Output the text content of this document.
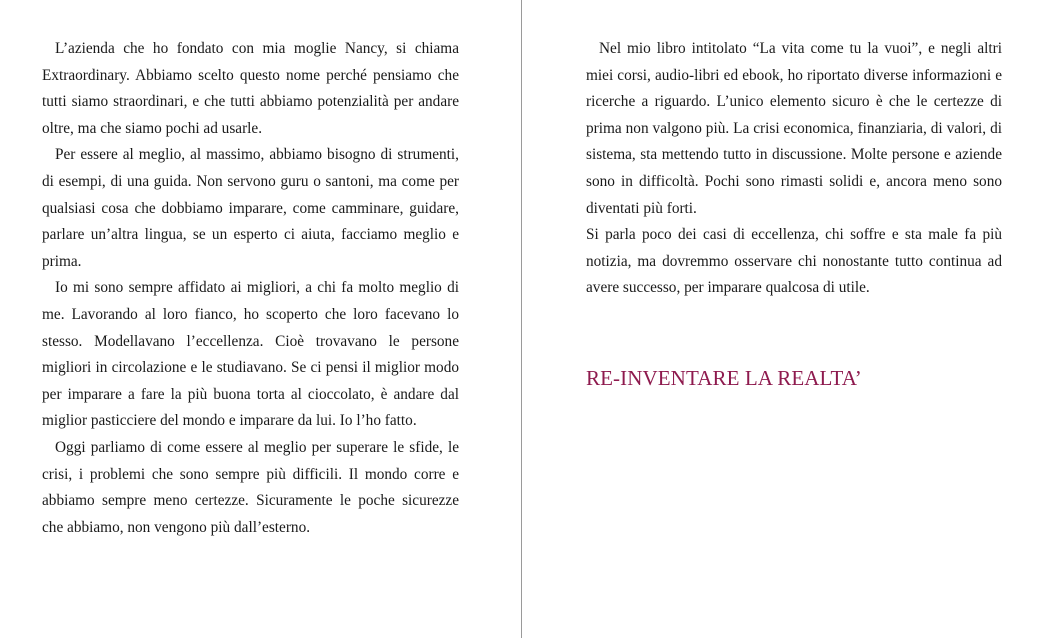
L’azienda che ho fondato con mia moglie Nancy, si chiama Extraordinary. Abbiamo scelto questo nome perché pensiamo che tutti siamo straordinari, e che tutti abbiamo potenzialità per andare oltre, ma che siamo pochi ad usarle.

Per essere al meglio, al massimo, abbiamo bisogno di strumenti, di esempi, di una guida. Non servono guru o santoni, ma come per qualsiasi cosa che dobbiamo imparare, come camminare, guidare, parlare un’altra lingua, se un esperto ci aiuta, facciamo meglio e prima.

Io mi sono sempre affidato ai migliori, a chi fa molto meglio di me. Lavorando al loro fianco, ho scoperto che loro facevano lo stesso. Modellavano l’eccellenza. Cioè trovavano le persone migliori in circolazione e le studiavano. Se ci pensi il miglior modo per imparare a fare la più buona torta al cioccolato, è andare dal miglior pasticciere del mondo e imparare da lui. Io l’ho fatto.

Oggi parliamo di come essere al meglio per superare le sfide, le crisi, i problemi che sono sempre più difficili. Il mondo corre e abbiamo sempre meno certezze. Sicuramente le poche sicurezze che abbiamo, non vengono più dall’esterno.

Nel mio libro intitolato “La vita come tu la vuoi”, e negli altri miei corsi, audio-libri ed ebook, ho riportato diverse informazioni e ricerche a riguardo. L’unico elemento sicuro è che le certezze di prima non valgono più. La crisi economica, finanziaria, di valori, di sistema, sta mettendo tutto in discussione. Molte persone e aziende sono in difficoltà. Pochi sono rimasti solidi e, ancora meno sono diventati più forti.

Si parla poco dei casi di eccellenza, chi soffre e sta male fa più notizia, ma dovremmo osservare chi nonostante tutto continua ad avere successo, per imparare qualcosa di utile.

RE-INVENTARE LA REALTA’
